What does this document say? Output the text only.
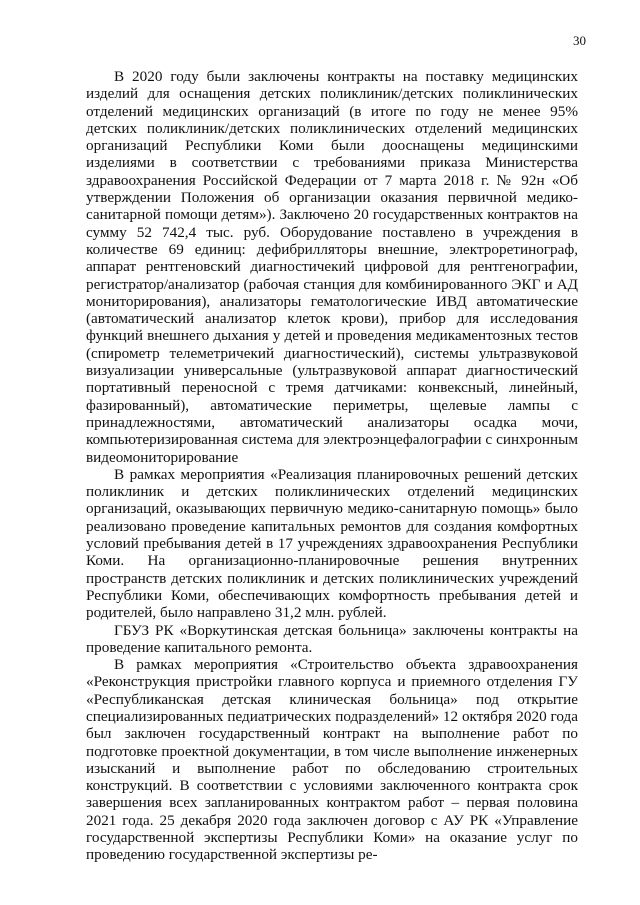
30

В 2020 году были заключены контракты на поставку медицинских изделий для оснащения детских поликлиник/детских поликлинических отделений медицинских организаций (в итоге по году не менее 95% детских поликлиник/детских поликлинических отделений медицинских организаций Республики Коми были дооснащены медицинскими изделиями в соответствии с требованиями приказа Министерства здравоохранения Российской Федерации от 7 марта 2018 г. № 92н «Об утверждении Положения об организации оказания первичной медико-санитарной помощи детям»). Заключено 20 государственных контрактов на сумму 52 742,4 тыс. руб. Оборудование поставлено в учреждения в количестве 69 единиц: дефибрилляторы внешние, электроретинограф, аппарат рентгеновский диагностичекий цифровой для рентгенографии, регистратор/анализатор (рабочая станция для комбинированного ЭКГ и АД мониторирования), анализаторы гематологические ИВД автоматические (автоматический анализатор клеток крови), прибор для исследования функций внешнего дыхания у детей и проведения медикаментозных тестов (спирометр телеметричекий диагностический), системы ультразвуковой визуализации универсальные (ультразвуковой аппарат диагностический портативный переносной с тремя датчиками: конвексный, линейный, фазированный), автоматические периметры, щелевые лампы с принадлежностями, автоматический анализаторы осадка мочи, компьютеризированная система для электроэнцефалографии с синхронным видеомониторирование

В рамках мероприятия «Реализация планировочных решений детских поликлиник и детских поликлинических отделений медицинских организаций, оказывающих первичную медико-санитарную помощь» было реализовано проведение капитальных ремонтов для создания комфортных условий пребывания детей в 17 учреждениях здравоохранения Республики Коми. На организационно-планировочные решения внутренних пространств детских поликлиник и детских поликлинических учреждений Республики Коми, обеспечивающих комфортность пребывания детей и родителей, было направлено 31,2 млн. рублей.

ГБУЗ РК «Воркутинская детская больница» заключены контракты на проведение капитального ремонта.

В рамках мероприятия «Строительство объекта здравоохранения «Реконструкция пристройки главного корпуса и приемного отделения ГУ «Республиканская детская клиническая больница» под открытие специализированных педиатрических подразделений» 12 октября 2020 года был заключен государственный контракт на выполнение работ по подготовке проектной документации, в том числе выполнение инженерных изысканий и выполнение работ по обследованию строительных конструкций. В соответствии с условиями заключенного контракта срок завершения всех запланированных контрактом работ – первая половина 2021 года. 25 декабря 2020 года заключен договор с АУ РК «Управление государственной экспертизы Республики Коми» на оказание услуг по проведению государственной экспертизы ре-
